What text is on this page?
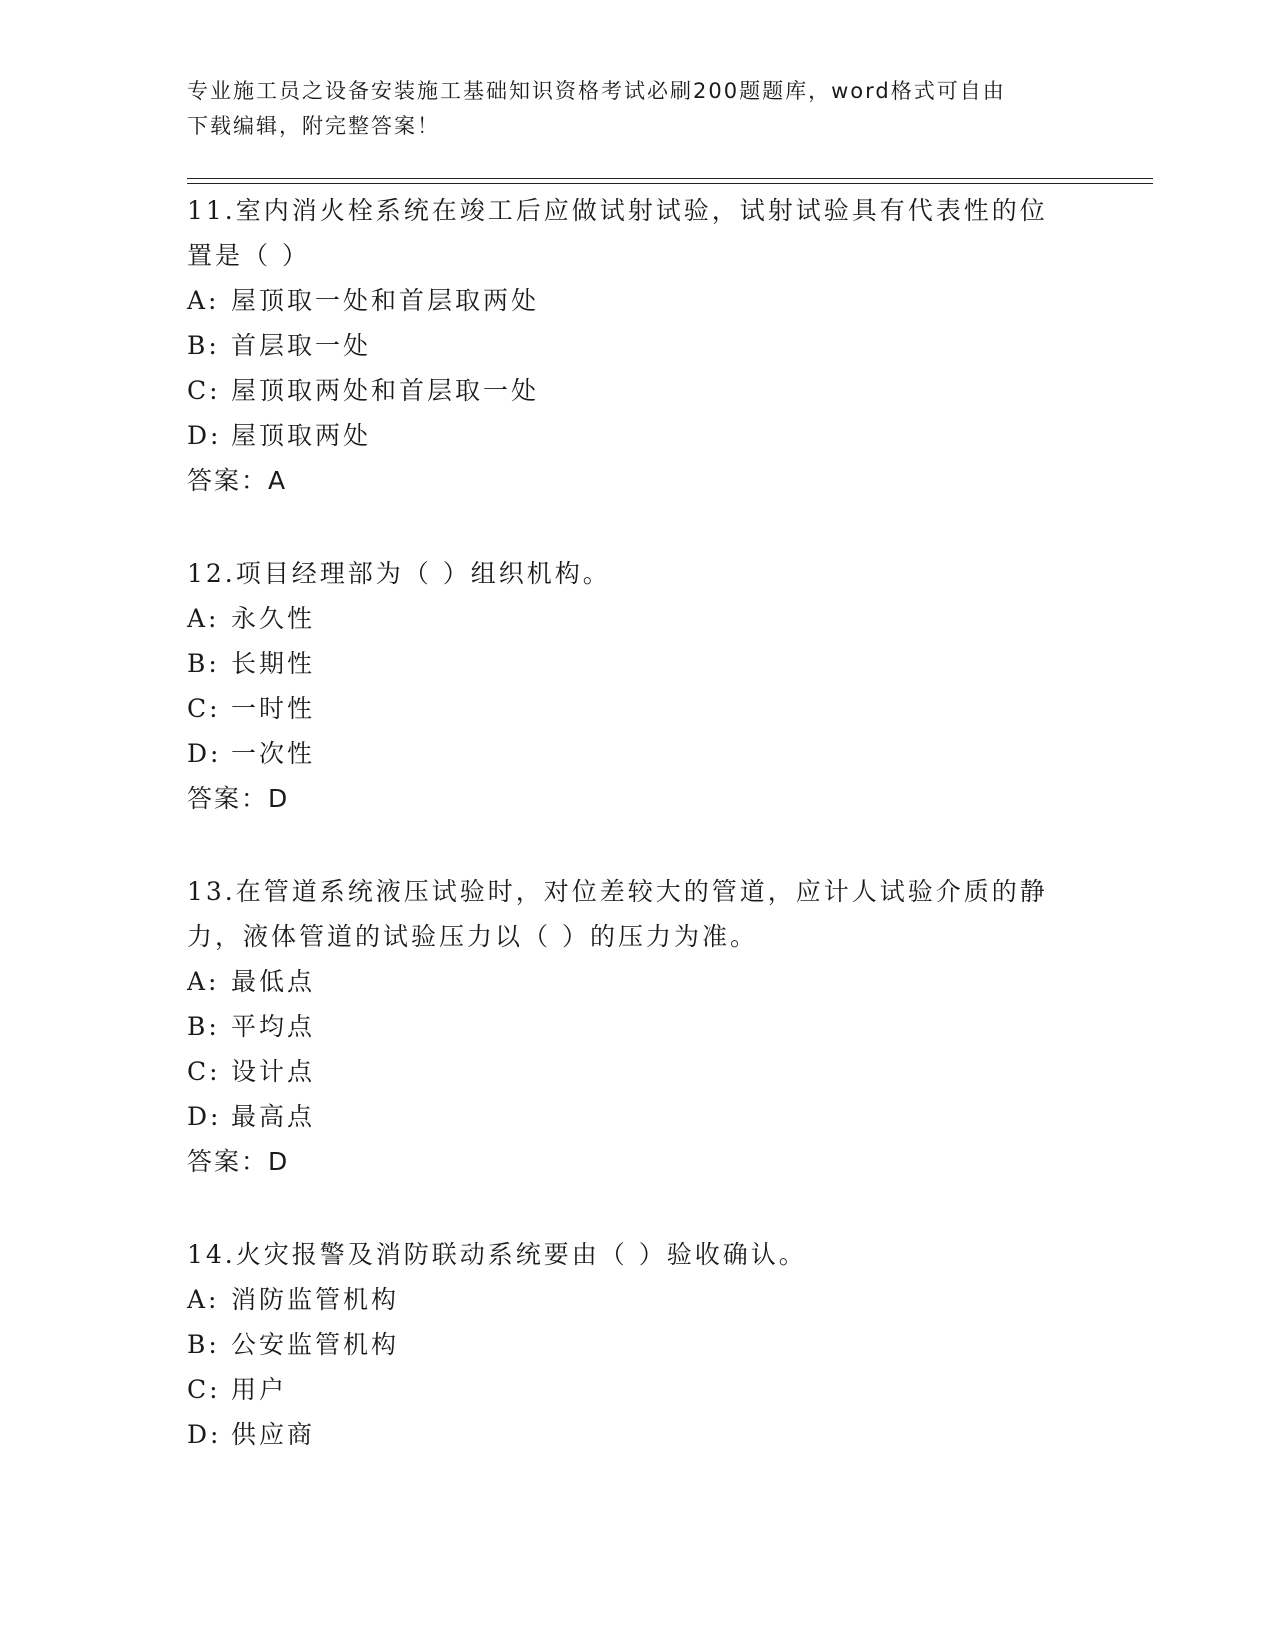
专业施工员之设备安装施工基础知识资格考试必刷200题题库，word格式可自由
下载编辑，附完整答案！
11.室内消火栓系统在竣工后应做试射试验，试射试验具有代表性的位
置是（ ）
A: 屋顶取一处和首层取两处
B: 首层取一处
C: 屋顶取两处和首层取一处
D: 屋顶取两处
答案：A
12.项目经理部为（ ）组织机构。
A: 永久性
B: 长期性
C: 一时性
D: 一次性
答案：D
13.在管道系统液压试验时，对位差较大的管道，应计人试验介质的静
力，液体管道的试验压力以（ ）的压力为准。
A: 最低点
B: 平均点
C: 设计点
D: 最高点
答案：D
14.火灾报警及消防联动系统要由（ ）验收确认。
A: 消防监管机构
B: 公安监管机构
C: 用户
D: 供应商
